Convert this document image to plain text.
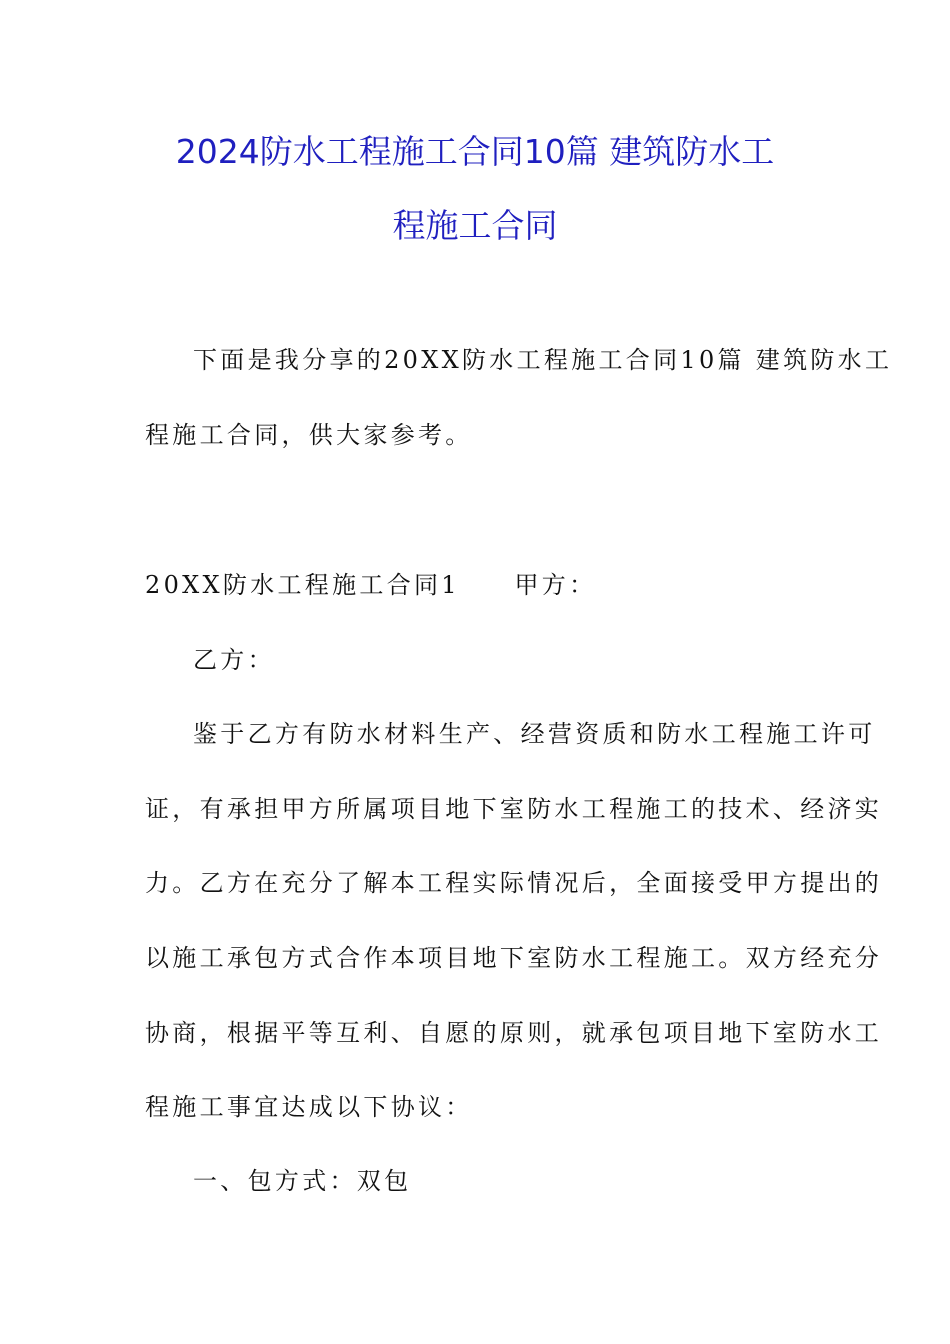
2024防水工程施工合同10篇 建筑防水工
程施工合同
下面是我分享的20XX防水工程施工合同10篇 建筑防水工
程施工合同，供大家参考。
20XX防水工程施工合同1　　甲方：
乙方：
鉴于乙方有防水材料生产、经营资质和防水工程施工许可
证，有承担甲方所属项目地下室防水工程施工的技术、经济实
力。乙方在充分了解本工程实际情况后，全面接受甲方提出的
以施工承包方式合作本项目地下室防水工程施工。双方经充分
协商，根据平等互利、自愿的原则，就承包项目地下室防水工
程施工事宜达成以下协议：
一、包方式：双包
